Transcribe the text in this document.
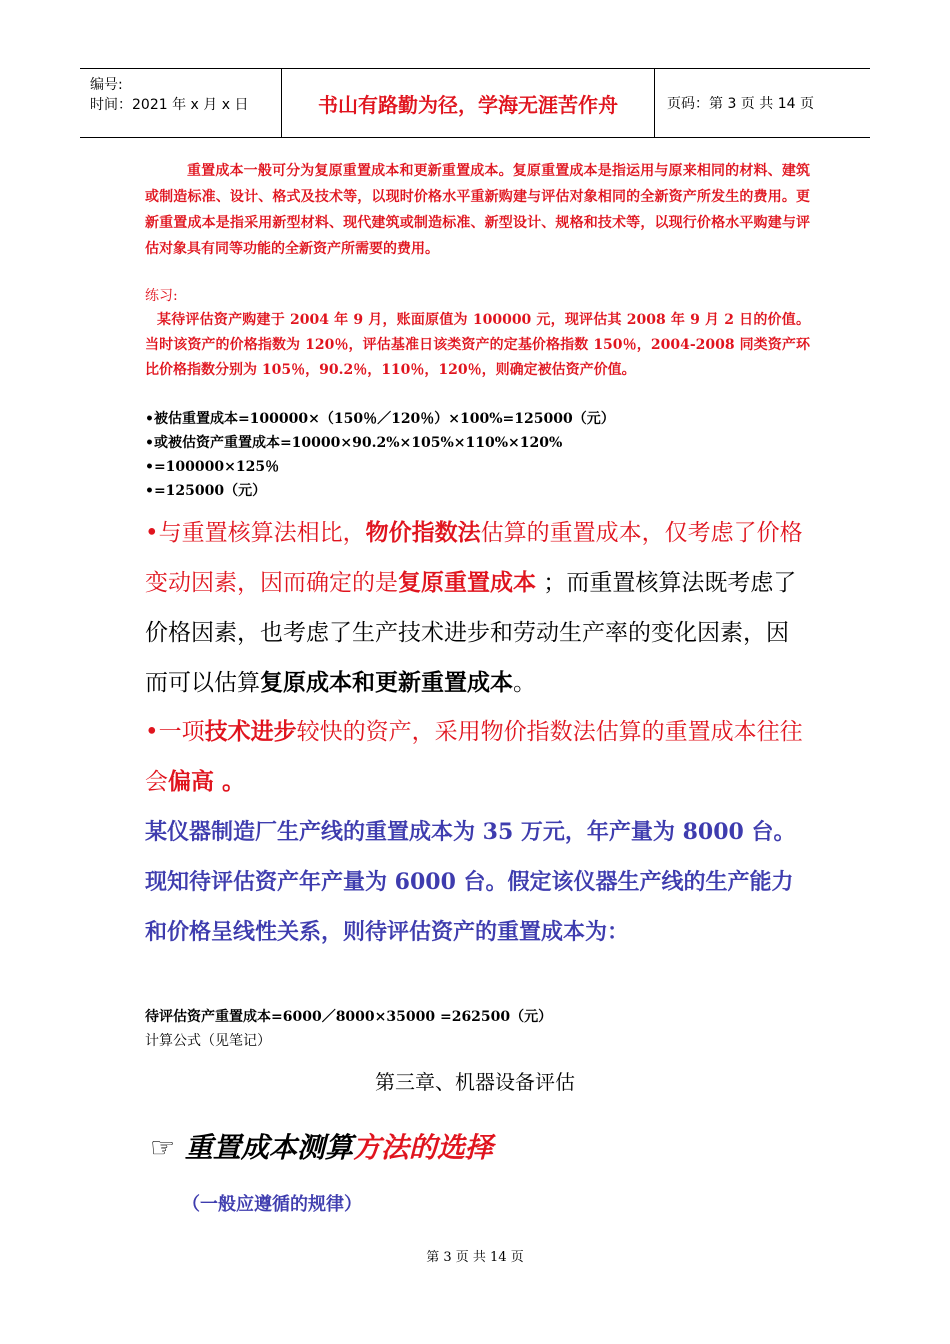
编号:
时间：2021 年 x 月 x 日	书山有路勤为径，学海无涯苦作舟	页码：第 3 页 共 14 页
重置成本一般可分为复原重置成本和更新重置成本。复原重置成本是指运用与原来相同的材料、建筑或制造标准、设计、格式及技术等，以现时价格水平重新购建与评估对象相同的全新资产所发生的费用。更新重置成本是指采用新型材料、现代建筑或制造标准、新型设计、规格和技术等，以现行价格水平购建与评估对象具有同等功能的全新资产所需要的费用。
练习:
某待评估资产购建于 2004 年 9 月，账面原值为 100000 元，现评估其 2008 年 9 月 2 日的价值。当时该资产的价格指数为 120％，评估基准日该类资产的定基价格指数 150％，2004-2008 同类资产环比价格指数分别为 105％，90.2％，110％，120％，则确定被估资产价值。
•被估重置成本=100000×（150％／120％）×100%=125000（元）
•或被估资产重置成本=10000×90.2%×105%×110%×120%
•=100000×125％
•=125000（元）
•与重置核算法相比，物价指数法估算的重置成本，仅考虑了价格变动因素，因而确定的是复原重置成本 ；而重置核算法既考虑了价格因素，也考虑了生产技术进步和劳动生产率的变化因素，因而可以估算复原成本和更新重置成本。
•一项技术进步较快的资产，采用物价指数法估算的重置成本往往会偏高 。
某仪器制造厂生产线的重置成本为 35 万元，年产量为 8000 台。现知待评估资产年产量为 6000 台。假定该仪器生产线的生产能力和价格呈线性关系，则待评估资产的重置成本为：
待评估资产重置成本=6000／8000×35000 =262500（元）
计算公式（见笔记）
第三章、机器设备评估
☞ 重置成本测算方法的选择
（一般应遵循的规律）
第 3 页 共 14 页
